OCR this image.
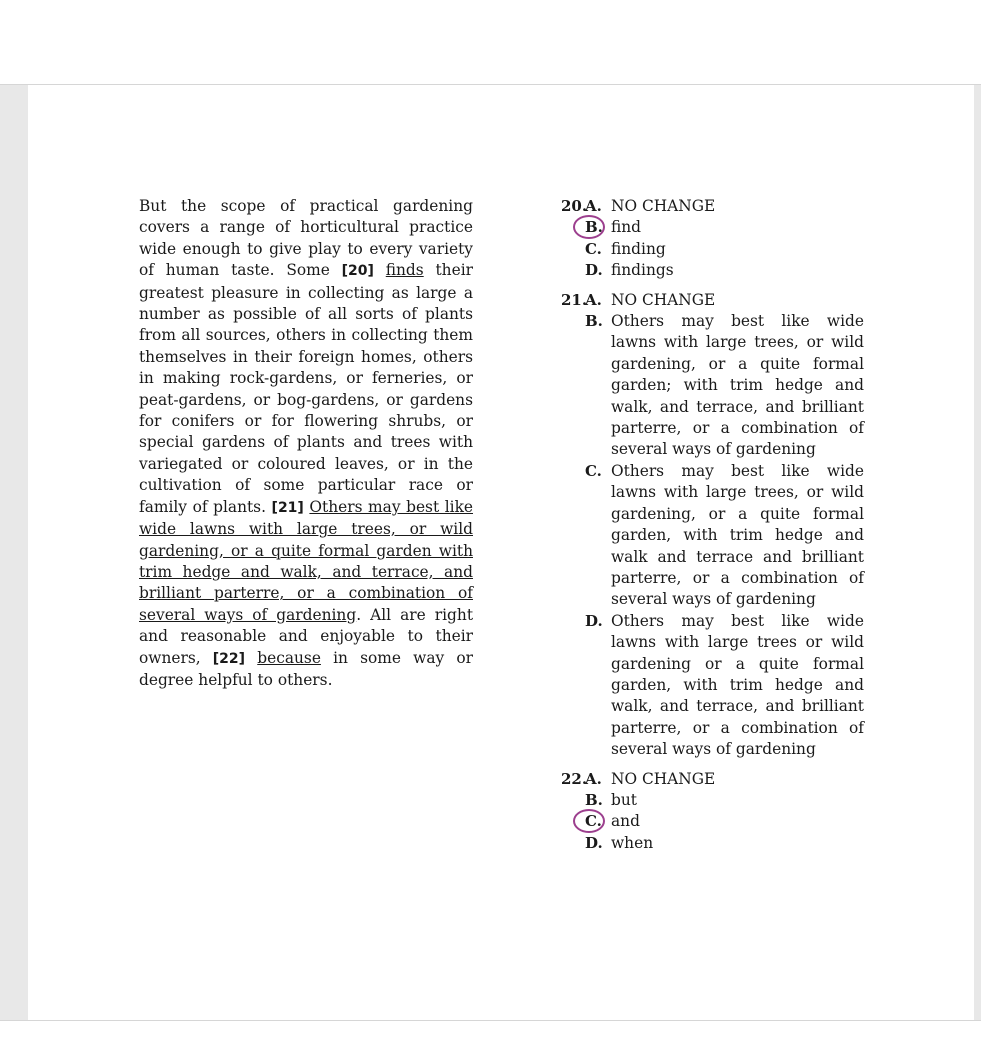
But the scope of practical gardening covers a range of horticultural practice wide enough to give play to every variety of human taste. Some [20] finds their greatest pleasure in collecting as large a number as possible of all sorts of plants from all sources, others in collecting them themselves in their foreign homes, others in making rock-gardens, or ferneries, or peat-gardens, or bog-gardens, or gardens for conifers or for flowering shrubs, or special gardens of plants and trees with variegated or coloured leaves, or in the cultivation of some particular race or family of plants. [21] Others may best like wide lawns with large trees, or wild gardening, or a quite formal garden with trim hedge and walk, and terrace, and brilliant parterre, or a combination of several ways of gardening. All are right and reasonable and enjoyable to their owners, [22] because in some way or degree helpful to others.
20.
A. NO CHANGE
B. find
C. finding
D. findings
21.
A. NO CHANGE
B. Others may best like wide lawns with large trees, or wild gardening, or a quite formal garden; with trim hedge and walk, and terrace, and brilliant parterre, or a combination of several ways of gardening
C. Others may best like wide lawns with large trees, or wild gardening, or a quite formal garden, with trim hedge and walk and terrace and brilliant parterre, or a combination of several ways of gardening
D. Others may best like wide lawns with large trees or wild gardening or a quite formal garden, with trim hedge and walk, and terrace, and brilliant parterre, or a combination of several ways of gardening
22.
A. NO CHANGE
B. but
C. and
D. when
